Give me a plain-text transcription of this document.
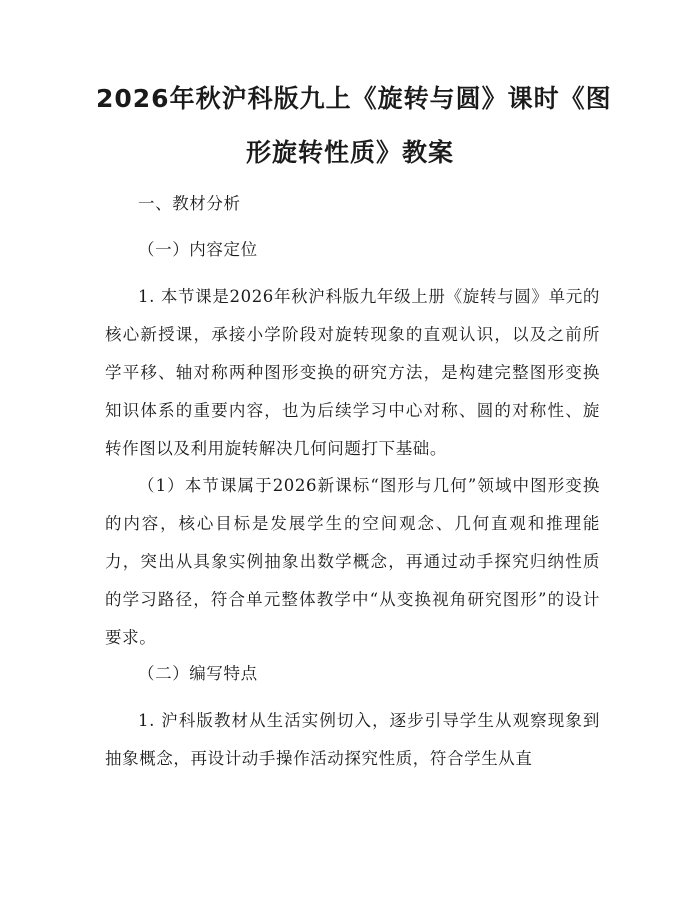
2026年秋沪科版九上《旋转与圆》课时《图
形旋转性质》教案

一、教材分析

（一）内容定位

1. 本节课是2026年秋沪科版九年级上册《旋转与圆》单元的核心新授课，承接小学阶段对旋转现象的直观认识，以及之前所学平移、轴对称两种图形变换的研究方法，是构建完整图形变换知识体系的重要内容，也为后续学习中心对称、圆的对称性、旋转作图以及利用旋转解决几何问题打下基础。

（1）本节课属于2026新课标“图形与几何”领域中图形变换的内容，核心目标是发展学生的空间观念、几何直观和推理能力，突出从具象实例抽象出数学概念，再通过动手探究归纳性质的学习路径，符合单元整体教学中“从变换视角研究图形”的设计要求。

（二）编写特点

1. 沪科版教材从生活实例切入，逐步引导学生从观察现象到抽象概念，再设计动手操作活动探究性质，符合学生从直
